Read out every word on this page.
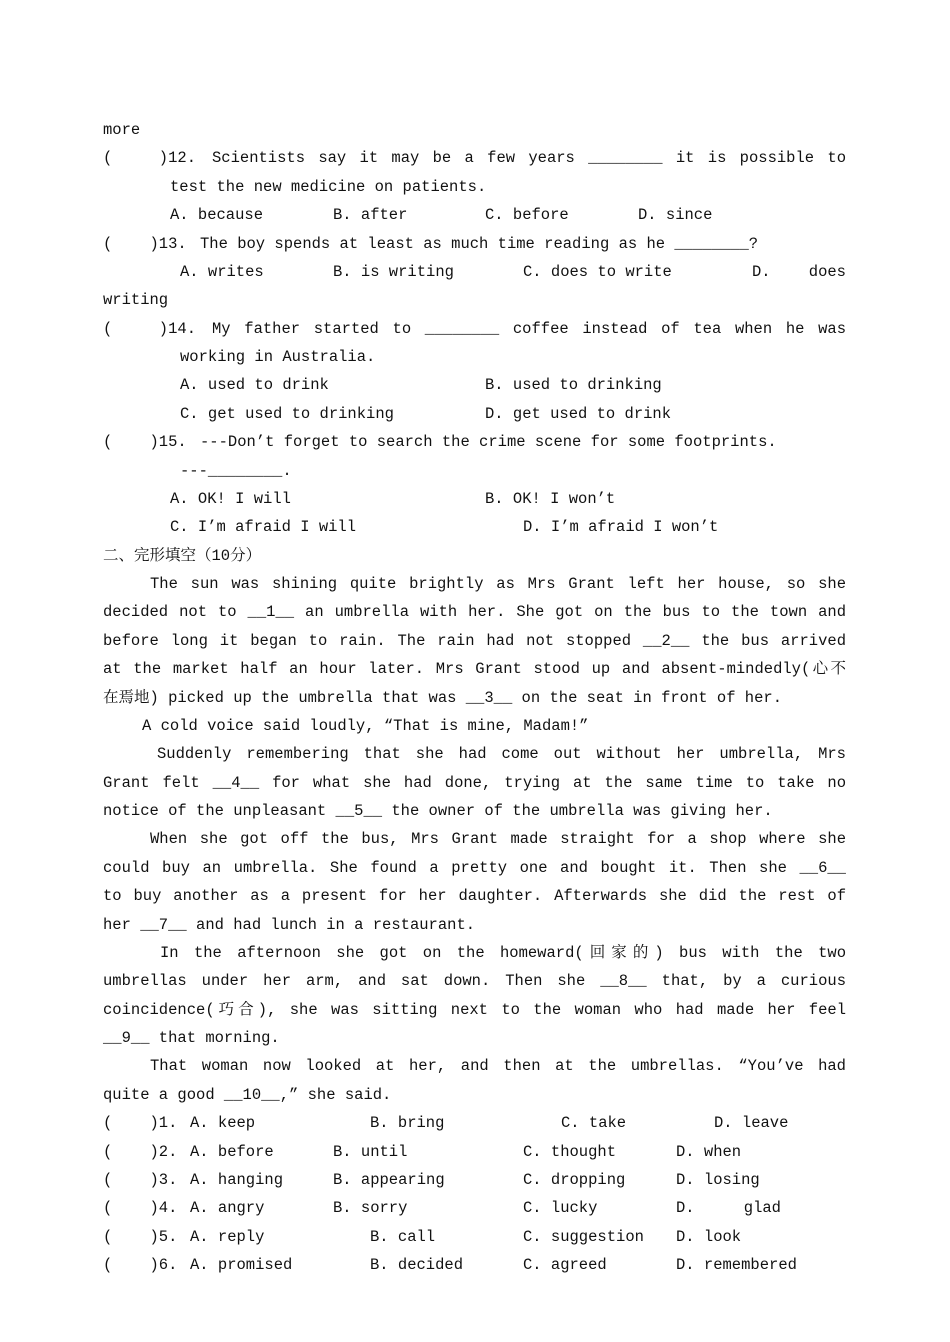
more
(     )12. Scientists say it may be a few years ________ it is possible to
test the new medicine on patients.
A. because	B. after	C. before	D. since
(    )13. The boy spends at least as much time reading as he ________?
A. writes	B. is writing	C. does to write	D. does
writing
(     )14. My father started to ________ coffee instead of tea when he was
working in Australia.
A. used to drink	B. used to drinking
C. get used to drinking	D. get used to drink
(    )15. ---Don’t forget to search the crime scene for some footprints.
---________.
A. OK! I will	B. OK! I won’t
C. I’m afraid I will	D. I’m afraid I won’t
二、完形填空（10分）
The sun was shining quite brightly as Mrs Grant left her house, so she
decided not to __1__ an umbrella with her. She got on the bus to the town and
before long it began to rain. The rain had not stopped __2__ the bus arrived
at the market half an hour later. Mrs Grant stood up and absent-mindedly(心不
在焉地) picked up the umbrella that was __3__ on the seat in front of her.
A cold voice said loudly, “That is mine, Madam!”
Suddenly remembering that she had come out without her umbrella, Mrs
Grant felt __4__ for what she had done, trying at the same time to take no
notice of the unpleasant __5__ the owner of the umbrella was giving her.
When she got off the bus, Mrs Grant made straight for a shop where she
could buy an umbrella. She found a pretty one and bought it. Then she __6__
to buy another as a present for her daughter. Afterwards she did the rest of
her __7__ and had lunch in a restaurant.
In the afternoon she got on the homeward(回家的) bus with the two
umbrellas under her arm, and sat down. Then she __8__ that, by a curious
coincidence(巧合), she was sitting next to the woman who had made her feel
__9__ that morning.
That woman now looked at her, and then at the umbrellas. “You’ve had
quite a good __10__,” she said.
(    )1. A. keep	B. bring	C. take	D. leave
(    )2. A. before	B. until	C. thought	D. when
(    )3. A. hanging	B. appearing	C. dropping	D. losing
(    )4. A. angry	B. sorry	C. lucky	D. glad
(    )5. A. reply	B. call	C. suggestion D. look
(    )6. A. promised	B. decided	C. agreed	D. remembered
